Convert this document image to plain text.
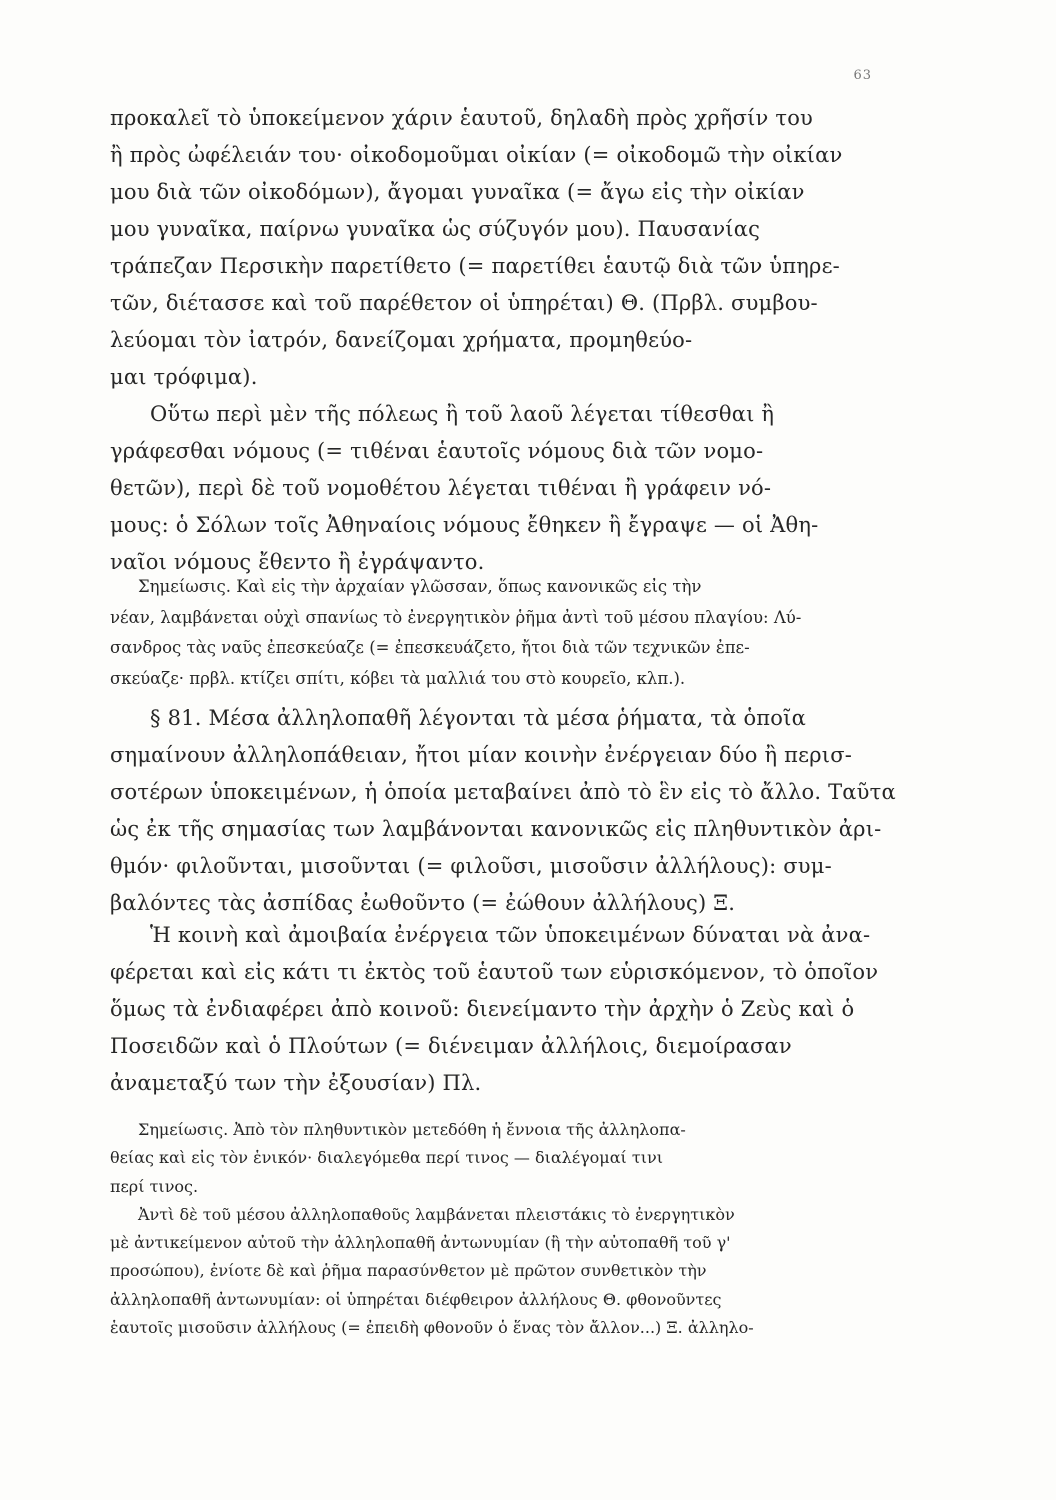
63
προκαλεῖ τὸ ὑποκείμενον χάριν ἑαυτοῦ, δηλαδὴ πρὸς χρῆσίν του
ἢ πρὸς ὠφέλειάν του· οἰκοδομοῦμαι οἰκίαν (= οἰκοδομῶ τὴν οἰκίαν
μου διὰ τῶν οἰκοδόμων), ἄγομαι γυναῖκα (= ἄγω εἰς τὴν οἰκίαν
μου γυναῖκα, παίρνω γυναῖκα ὡς σύζυγόν μου). Παυσανίας
τράπεζαν Περσικὴν παρετίθετο (= παρετίθει ἑαυτῷ διὰ τῶν ὑπηρε-
τῶν, διέτασσε καὶ τοῦ παρέθετον οἱ ὑπηρέται) Θ. (Πρβλ. συμβου-
λεύομαι τὸν ἰατρόν, δανείζομαι χρήματα, προμηθεύο-
μαι τρόφιμα).
Οὕτω περὶ μὲν τῆς πόλεως ἢ τοῦ λαοῦ λέγεται τίθεσθαι ἢ
γράφεσθαι νόμους (= τιθέναι ἑαυτοῖς νόμους διὰ τῶν νομο-
θετῶν), περὶ δὲ τοῦ νομοθέτου λέγεται τιθέναι ἢ γράφειν νό-
μους: ὁ Σόλων τοῖς Ἀθηναίοις νόμους ἔθηκεν ἢ ἔγραψε — οἱ Ἀθη-
ναῖοι νόμους ἔθεντο ἢ ἐγράψαντο.
Σημείωσις. Καὶ εἰς τὴν ἀρχαίαν γλῶσσαν, ὅπως κανονικῶς εἰς τὴν
νέαν, λαμβάνεται οὐχὶ σπανίως τὸ ἐνεργητικὸν ῥῆμα ἀντὶ τοῦ μέσου πλαγίου: Λύ-
σανδρος τὰς ναῦς ἐπεσκεύαζε (= ἐπεσκευάζετο, ἤτοι διὰ τῶν τεχνικῶν ἐπε-
σκεύαζε· πρβλ. κτίζει σπίτι, κόβει τὰ μαλλιά του στὸ κουρεῖο, κλπ.).
§ 81. Μέσα ἀλληλοπαθῆ λέγονται τὰ μέσα ῥήματα, τὰ ὁποῖα
σημαίνουν ἀλληλοπάθειαν, ἤτοι μίαν κοινὴν ἐνέργειαν δύο ἢ περισ-
σοτέρων ὑποκειμένων, ἡ ὁποία μεταβαίνει ἀπὸ τὸ ἓν εἰς τὸ ἄλλο. Ταῦτα
ὡς ἐκ τῆς σημασίας των λαμβάνονται κανονικῶς εἰς πληθυντικὸν ἀρι-
θμόν· φιλοῦνται, μισοῦνται (= φιλοῦσι, μισοῦσιν ἀλλήλους): συμ-
βαλόντες τὰς ἀσπίδας ἐωθοῦντο (= ἐώθουν ἀλλήλους) Ξ.
Ἡ κοινὴ καὶ ἀμοιβαία ἐνέργεια τῶν ὑποκειμένων δύναται νὰ ἀνα-
φέρεται καὶ εἰς κάτι τι ἐκτὸς τοῦ ἑαυτοῦ των εὑρισκόμενον, τὸ ὁποῖον
ὅμως τὰ ἐνδιαφέρει ἀπὸ κοινοῦ: διενείμαντο τὴν ἀρχὴν ὁ Ζεὺς καὶ ὁ
Ποσειδῶν καὶ ὁ Πλούτων (= διένειμαν ἀλλήλοις, διεμοίρασαν
ἀναμεταξύ των τὴν ἐξουσίαν) Πλ.
Σημείωσις. Ἀπὸ τὸν πληθυντικὸν μετεδόθη ἡ ἔννοια τῆς ἀλληλοπα-
θείας καὶ εἰς τὸν ἑνικόν· διαλεγόμεθα περί τινος — διαλέγομαί τινι
περί τινος.
Ἀντὶ δὲ τοῦ μέσου ἀλληλοπαθοῦς λαμβάνεται πλειστάκις τὸ ἐνεργητικὸν
μὲ ἀντικείμενον αὐτοῦ τὴν ἀλληλοπαθῆ ἀντωνυμίαν (ἢ τὴν αὐτοπαθῆ τοῦ γ'
προσώπου), ἐνίοτε δὲ καὶ ῥῆμα παρασύνθετον μὲ πρῶτον συνθετικὸν τὴν
ἀλληλοπαθῆ ἀντωνυμίαν: οἱ ὑπηρέται διέφθειρον ἀλλήλους Θ. φθονοῦντες
ἑαυτοῖς μισοῦσιν ἀλλήλους (= ἐπειδὴ φθονοῦν ὁ ἕνας τὸν ἄλλον...) Ξ. ἀλληλο-
